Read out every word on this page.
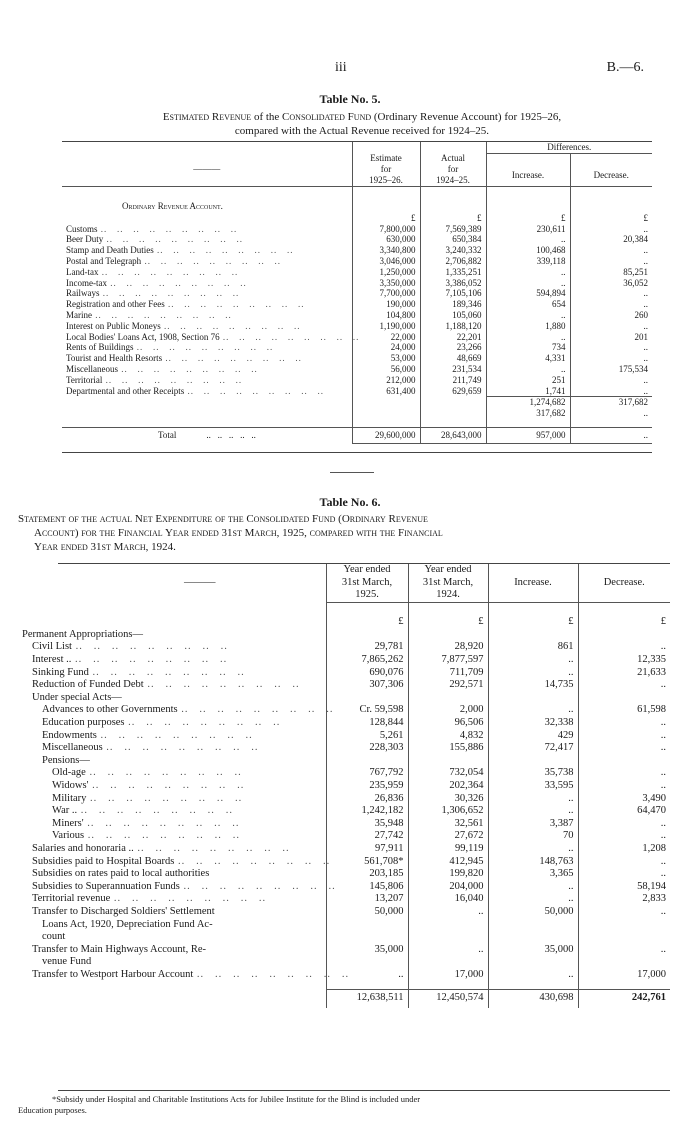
iii	B.—6.
Table No. 5.
Estimated Revenue of the Consolidated Fund (Ordinary Revenue Account) for 1925–26,
compared with the Actual Revenue received for 1924–25.
			Differences.	
———	Estimate	Actual		
	for	for	Increase.	Decrease.
	1925–26.	1924–25.		

Ordinary Revenue Account.				
	£	£	£	£
Customs ..   ..   ..   ..   ..   ..   ..   ..   ..	7,800,000	7,569,389	230,611	..
Beer Duty ..   ..   ..   ..   ..   ..   ..   ..   ..	630,000	650,384	..	20,384
Stamp and Death Duties ..   ..   ..   ..   ..   ..   ..   ..   ..	3,340,800	3,240,332	100,468	..
Postal and Telegraph ..   ..   ..   ..   ..   ..   ..   ..   ..	3,046,000	2,706,882	339,118	..
Land-tax ..   ..   ..   ..   ..   ..   ..   ..   ..	1,250,000	1,335,251	..	85,251
Income-tax ..   ..   ..   ..   ..   ..   ..   ..   ..	3,350,000	3,386,052	..	36,052
Railways ..   ..   ..   ..   ..   ..   ..   ..   ..	7,700,000	7,105,106	594,894	..
Registration and other Fees ..   ..   ..   ..   ..   ..   ..   ..   ..	190,000	189,346	654	..
Marine ..   ..   ..   ..   ..   ..   ..   ..   ..	104,800	105,060	..	260
Interest on Public Moneys ..   ..   ..   ..   ..   ..   ..   ..   ..	1,190,000	1,188,120	1,880	..
Local Bodies' Loans Act, 1908, Section 76 ..   ..   ..   ..   ..   ..   ..   ..   ..	22,000	22,201	..	201
Rents of Buildings ..   ..   ..   ..   ..   ..   ..   ..   ..	24,000	23,266	734	..
Tourist and Health Resorts ..   ..   ..   ..   ..   ..   ..   ..   ..	53,000	48,669	4,331	..
Miscellaneous ..   ..   ..   ..   ..   ..   ..   ..   ..	56,000	231,534	..	175,534
Territorial ..   ..   ..   ..   ..   ..   ..   ..   ..	212,000	211,749	251	..
Departmental and other Receipts ..   ..   ..   ..   ..   ..   ..   ..   ..	631,400	629,659	1,741	..
			1,274,682	317,682
			317,682	..

Total ..   ..   ..   ..   ..	29,600,000	28,643,000	957,000	..
Table No. 6.
Statement of the actual Net Expenditure of the Consolidated Fund (Ordinary Revenue
Account) for the Financial Year ended 31st March, 1925, compared with the Financial
Year ended 31st March, 1924.
———	Year ended	Year ended	Increase.	Decrease.
	31st March,	31st March,		
	1925.	1924.		

	£	£	£	£
Permanent Appropriations—				
Civil List ..   ..   ..   ..   ..   ..   ..   ..   ..	29,781	28,920	861	..
Interest .. ..   ..   ..   ..   ..   ..   ..   ..   ..	7,865,262	7,877,597	..	12,335
Sinking Fund ..   ..   ..   ..   ..   ..   ..   ..   ..	690,076	711,709	..	21,633
Reduction of Funded Debt ..   ..   ..   ..   ..   ..   ..   ..   ..	307,306	292,571	14,735	..
Under special Acts—				
Advances to other Governments ..   ..   ..   ..   ..   ..   ..   ..   ..	Cr. 59,598	2,000	..	61,598
Education purposes ..   ..   ..   ..   ..   ..   ..   ..   ..	128,844	96,506	32,338	..
Endowments ..   ..   ..   ..   ..   ..   ..   ..   ..	5,261	4,832	429	..
Miscellaneous ..   ..   ..   ..   ..   ..   ..   ..   ..	228,303	155,886	72,417	..
Pensions—				
Old-age ..   ..   ..   ..   ..   ..   ..   ..   ..	767,792	732,054	35,738	..
Widows' ..   ..   ..   ..   ..   ..   ..   ..   ..	235,959	202,364	33,595	..
Military ..   ..   ..   ..   ..   ..   ..   ..   ..	26,836	30,326	..	3,490
War .. ..   ..   ..   ..   ..   ..   ..   ..   ..	1,242,182	1,306,652	..	64,470
Miners' ..   ..   ..   ..   ..   ..   ..   ..   ..	35,948	32,561	3,387	..
Various ..   ..   ..   ..   ..   ..   ..   ..   ..	27,742	27,672	70	..
Salaries and honoraria .. ..   ..   ..   ..   ..   ..   ..   ..   ..	97,911	99,119	..	1,208
Subsidies paid to Hospital Boards ..   ..   ..   ..   ..   ..   ..   ..   ..	561,708*	412,945	148,763	..
Subsidies on rates paid to local authorities	203,185	199,820	3,365	..
Subsidies to Superannuation Funds ..   ..   ..   ..   ..   ..   ..   ..   ..	145,806	204,000	..	58,194
Territorial revenue ..   ..   ..   ..   ..   ..   ..   ..   ..	13,207	16,040	..	2,833
Transfer to Discharged Soldiers' Settlement	50,000	..	50,000	..
Loans Act, 1920, Depreciation Fund Ac-				
count				
Transfer to Main Highways Account, Re-	35,000	..	35,000	..
venue Fund				
Transfer to Westport Harbour Account ..   ..   ..   ..   ..   ..   ..   ..   ..	..	17,000	..	17,000

	12,638,511	12,450,574	430,698	242,761
*Subsidy under Hospital and Charitable Institutions Acts for Jubilee Institute for the Blind is included under
Education purposes.
